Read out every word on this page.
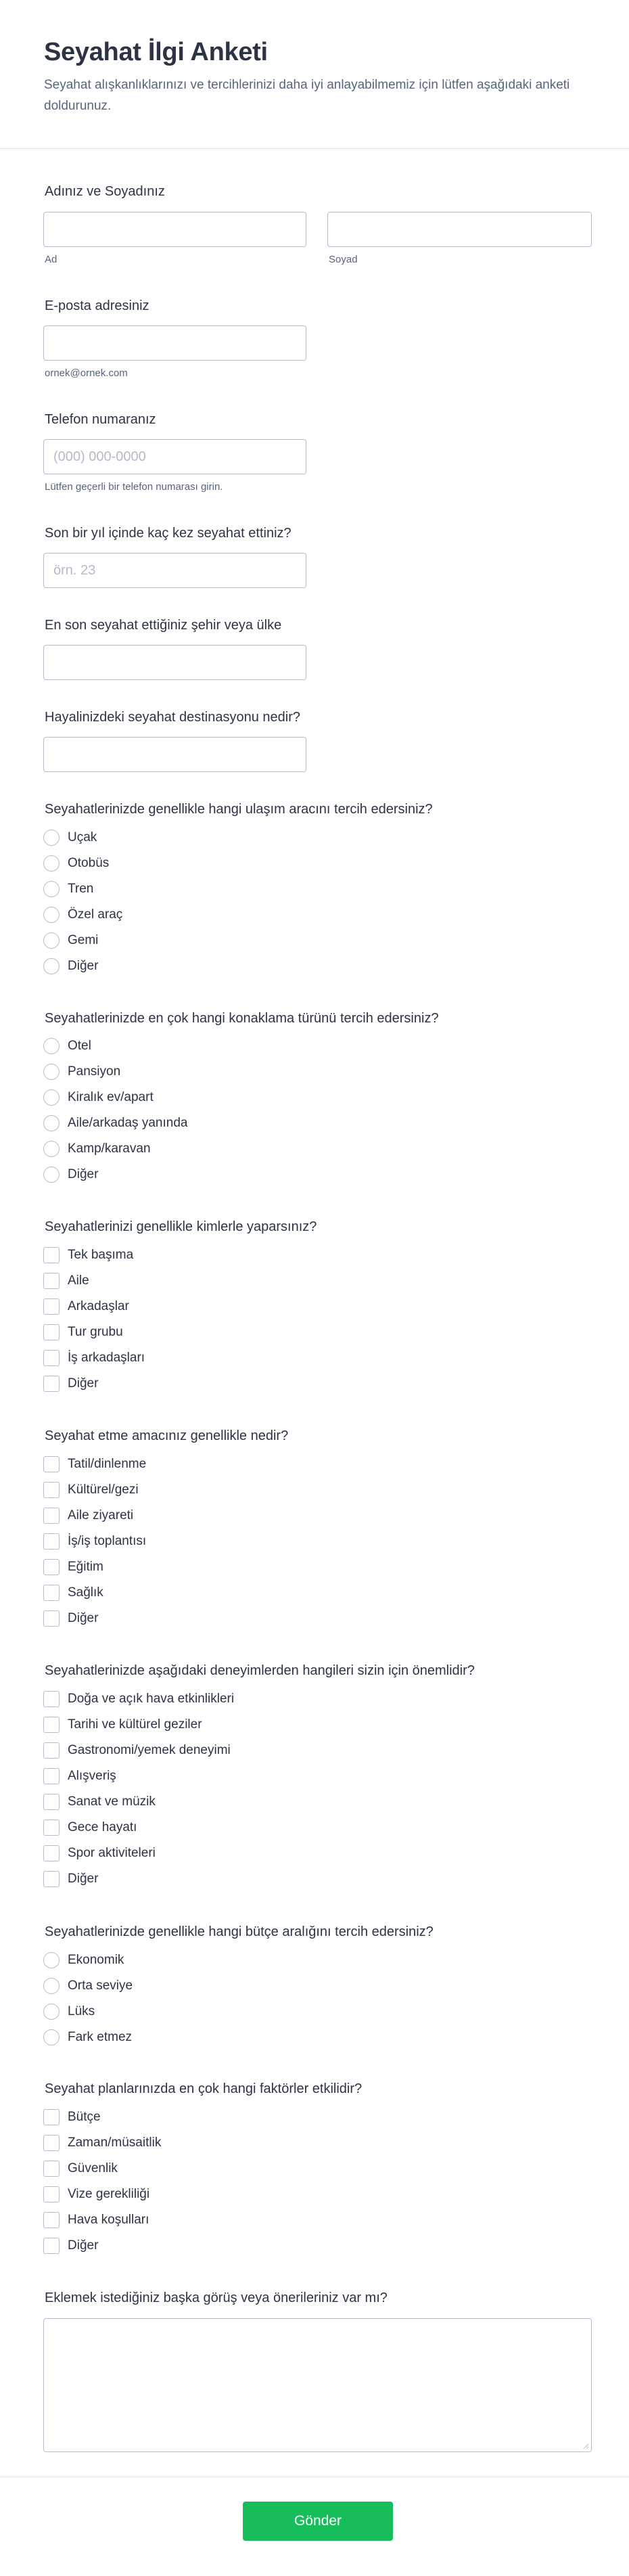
Seyahat İlgi Anketi

Seyahat alışkanlıklarınızı ve tercihlerinizi daha iyi anlayabilmemiz için lütfen aşağıdaki anketi doldurunuz.

Adınız ve Soyadınız
Ad	Soyad
E-posta adresiniz
ornek@ornek.com
Telefon numaranız
(000) 000-0000
Lütfen geçerli bir telefon numarası girin.
Son bir yıl içinde kaç kez seyahat ettiniz?
örn. 23
En son seyahat ettiğiniz şehir veya ülke
Hayalinizdeki seyahat destinasyonu nedir?
Seyahatlerinizde genellikle hangi ulaşım aracını tercih edersiniz?
Uçak
Otobüs
Tren
Özel araç
Gemi
Diğer
Seyahatlerinizde en çok hangi konaklama türünü tercih edersiniz?
Otel
Pansiyon
Kiralık ev/apart
Aile/arkadaş yanında
Kamp/karavan
Diğer
Seyahatlerinizi genellikle kimlerle yaparsınız?
Tek başıma
Aile
Arkadaşlar
Tur grubu
İş arkadaşları
Diğer
Seyahat etme amacınız genellikle nedir?
Tatil/dinlenme
Kültürel/gezi
Aile ziyareti
İş/iş toplantısı
Eğitim
Sağlık
Diğer
Seyahatlerinizde aşağıdaki deneyimlerden hangileri sizin için önemlidir?
Doğa ve açık hava etkinlikleri
Tarihi ve kültürel geziler
Gastronomi/yemek deneyimi
Alışveriş
Sanat ve müzik
Gece hayatı
Spor aktiviteleri
Diğer
Seyahatlerinizde genellikle hangi bütçe aralığını tercih edersiniz?
Ekonomik
Orta seviye
Lüks
Fark etmez
Seyahat planlarınızda en çok hangi faktörler etkilidir?
Bütçe
Zaman/müsaitlik
Güvenlik
Vize gerekliliği
Hava koşulları
Diğer
Eklemek istediğiniz başka görüş veya önerileriniz var mı?
Gönder
